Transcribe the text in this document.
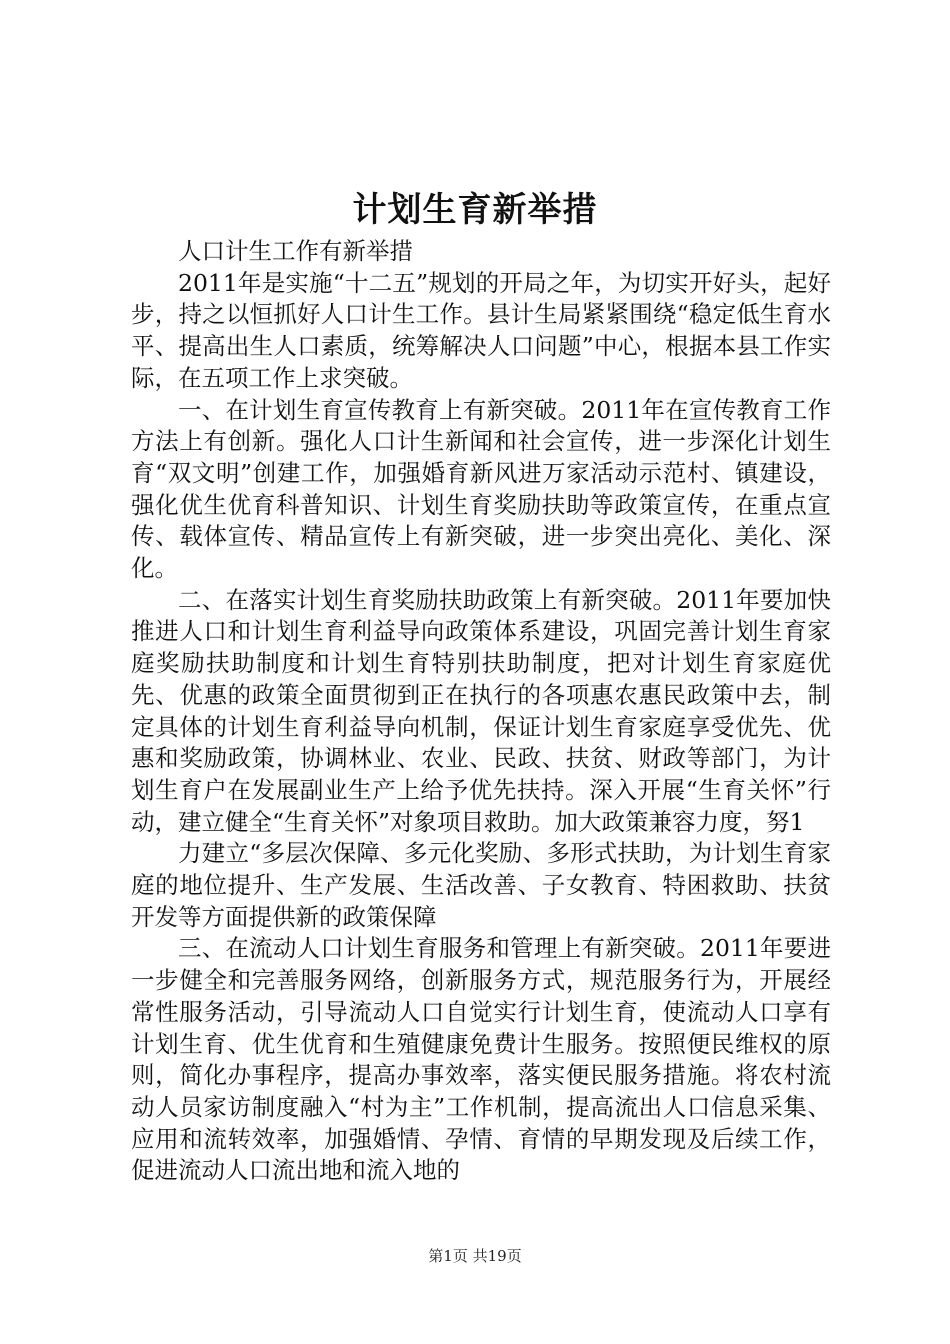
计划生育新举措

人口计生工作有新举措

2011年是实施“十二五”规划的开局之年，为切实开好头，起好步，持之以恒抓好人口计生工作。县计生局紧紧围绕“稳定低生育水平、提高出生人口素质，统筹解决人口问题”中心，根据本县工作实际，在五项工作上求突破。

一、在计划生育宣传教育上有新突破。2011年在宣传教育工作方法上有创新。强化人口计生新闻和社会宣传，进一步深化计划生育“双文明”创建工作，加强婚育新风进万家活动示范村、镇建设，强化优生优育科普知识、计划生育奖励扶助等政策宣传，在重点宣传、载体宣传、精品宣传上有新突破，进一步突出亮化、美化、深化。

二、在落实计划生育奖励扶助政策上有新突破。2011年要加快推进人口和计划生育利益导向政策体系建设，巩固完善计划生育家庭奖励扶助制度和计划生育特别扶助制度，把对计划生育家庭优先、优惠的政策全面贯彻到正在执行的各项惠农惠民政策中去，制定具体的计划生育利益导向机制，保证计划生育家庭享受优先、优惠和奖励政策，协调林业、农业、民政、扶贫、财政等部门，为计划生育户在发展副业生产上给予优先扶持。深入开展“生育关怀”行动，建立健全“生育关怀”对象项目救助。加大政策兼容力度，努1

力建立“多层次保障、多元化奖励、多形式扶助，为计划生育家庭的地位提升、生产发展、生活改善、子女教育、特困救助、扶贫开发等方面提供新的政策保障

三、在流动人口计划生育服务和管理上有新突破。2011年要进一步健全和完善服务网络，创新服务方式，规范服务行为，开展经常性服务活动，引导流动人口自觉实行计划生育，使流动人口享有计划生育、优生优育和生殖健康免费计生服务。按照便民维权的原则，简化办事程序，提高办事效率，落实便民服务措施。将农村流动人员家访制度融入“村为主”工作机制，提高流出人口信息采集、应用和流转效率，加强婚情、孕情、育情的早期发现及后续工作，促进流动人口流出地和流入地的

第1页 共19页
